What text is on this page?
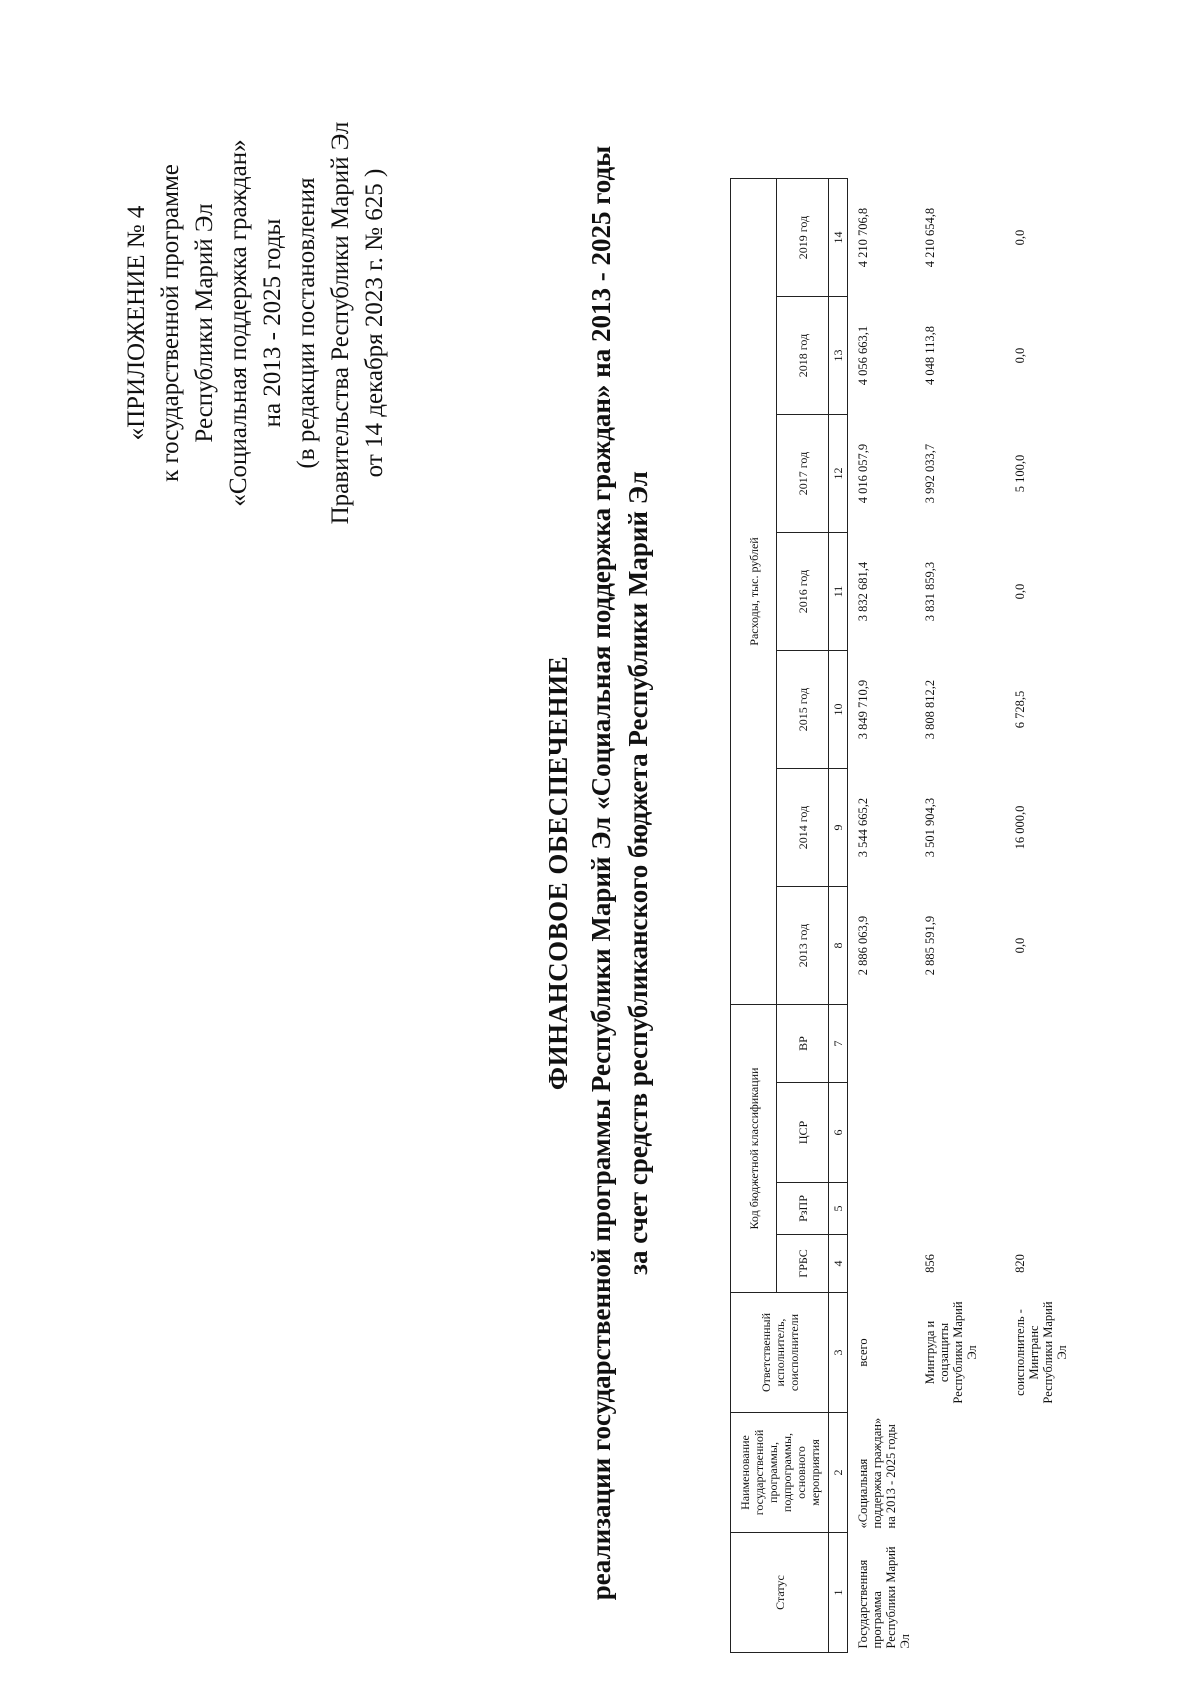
«ПРИЛОЖЕНИЕ № 4 к государственной программе Республики Марий Эл «Социальная поддержка граждан» на 2013 - 2025 годы (в редакции постановления Правительства Республики Марий Эл от 14 декабря 2023 г. № 625 )
ФИНАНСОВОЕ ОБЕСПЕЧЕНИЕ реализации государственной программы Республики Марий Эл «Социальная поддержка граждан» на 2013 - 2025 годы за счет средств республиканского бюджета Республики Марий Эл
Статус	Наименование государственной программы, подпрограммы, основного мероприятия	Ответственный исполнитель, соисполнители	Код бюджетной классификации				Расходы, тыс. рублей						
			ГРБС	РзПР	ЦСР	ВР	2013 год	2014 год	2015 год	2016 год	2017 год	2018 год	2019 год
1	2	3	4	5	6	7	8	9	10	11	12	13	14
Государственная программа Республики Марий Эл	«Социальная поддержка граждан» на 2013 - 2025 годы	всего					2 886 063,9	3 544 665,2	3 849 710,9	3 832 681,4	4 016 057,9	4 056 663,1	4 210 706,8
		Минтруда и соцзащиты Республики Марий Эл	856				2 885 591,9	3 501 904,3	3 808 812,2	3 831 859,3	3 992 033,7	4 048 113,8	4 210 654,8
		соисполнитель - Минтранс Республики Марий Эл	820				0,0	16 000,0	6 728,5	0,0	5 100,0	0,0	0,0
